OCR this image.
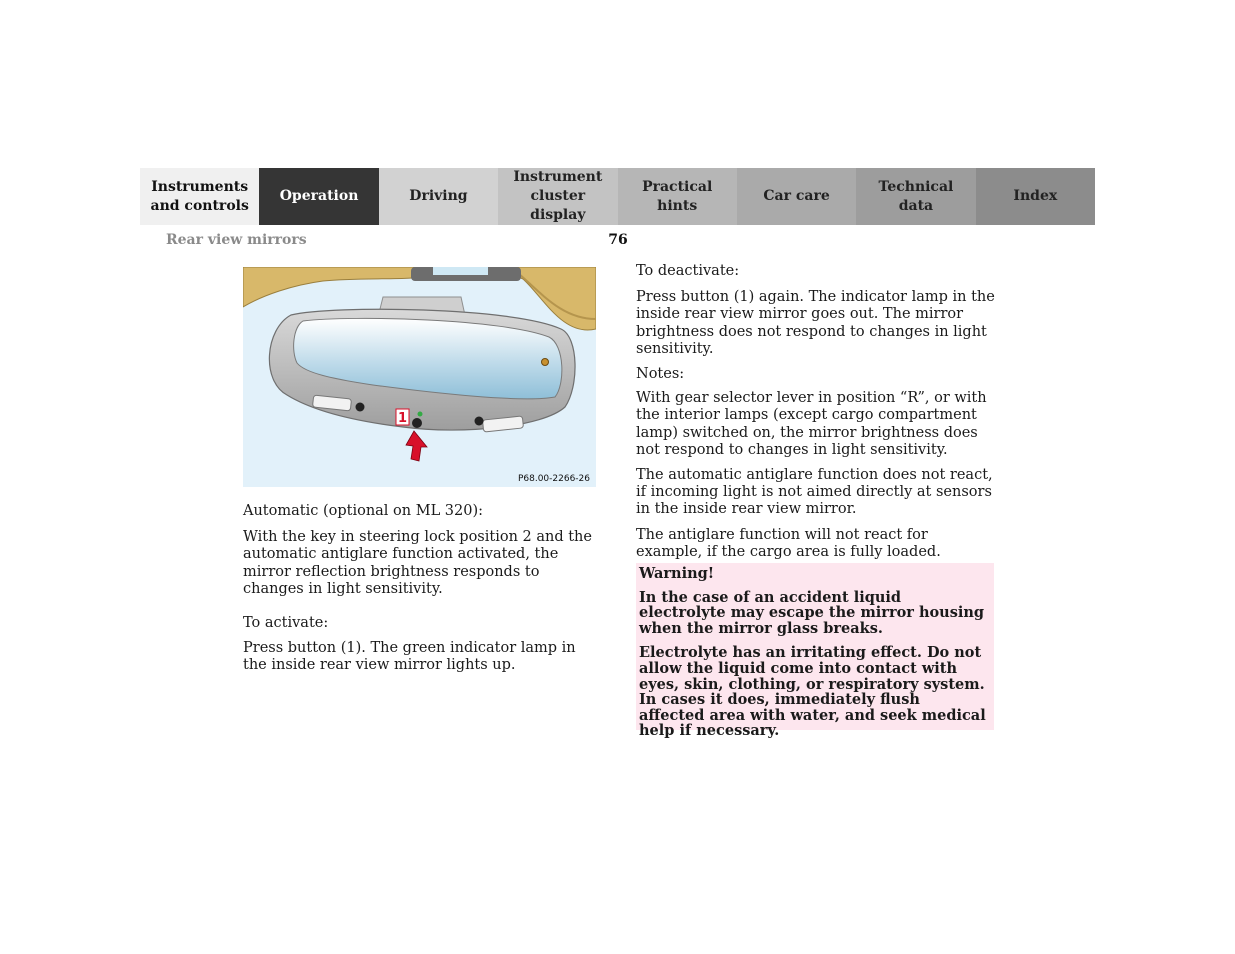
Instruments
and controls
Operation	Driving
Instrument
cluster display
Practical hints
Car care
Technical
data
Index
Rear view mirrors	76
1
P68.00-2266-26

Automatic (optional on ML 320):

With the key in steering lock position 2 and the automatic antiglare function activated, the mirror reflection brightness responds to changes in light sensitivity.

To activate:

Press button (1). The green indicator lamp in the inside rear view mirror lights up.

To deactivate:

Press button (1) again. The indicator lamp in the inside rear view mirror goes out. The mirror brightness does not respond to changes in light sensitivity.

Notes:

With gear selector lever in position “R”, or with the interior lamps (except cargo compartment lamp) switched on, the mirror brightness does not respond to changes in light sensitivity.

The automatic antiglare function does not react, if incoming light is not aimed directly at sensors in the inside rear view mirror.

The antiglare function will not react for example, if the cargo area is fully loaded.

Warning!

In the case of an accident liquid electrolyte may escape the mirror housing when the mirror glass breaks.

Electrolyte has an irritating effect. Do not allow the liquid come into contact with eyes, skin, clothing, or respiratory system. In cases it does, immediately flush affected area with water, and seek medical help if necessary.
